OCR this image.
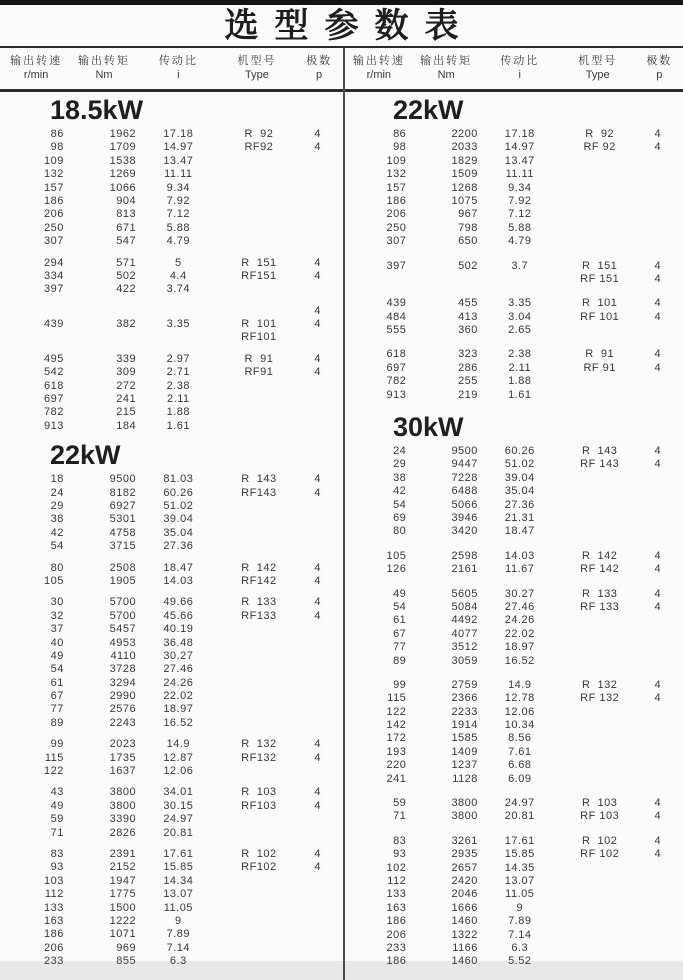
选型参数表
输出转速
r/min
输出转矩
Nm
传动比
i
机型号
Type
极数
p
输出转速
r/min
输出转矩
Nm
传动比
i
机型号
Type
极数
p
18.5kW
86	1962	17.18	R  92	4
98	1709	14.97	RF92	4
109	1538	13.47
132	1269	11.11
157	1066	9.34
186	904	7.92
206	813	7.12
250	671	5.88
307	547	4.79
294	571	5	R  151	4
334	502	4.4	RF151	4
397	422	3.74
4
439	382	3.35	R  101	4
RF101
495	339	2.97	R  91	4
542	309	2.71	RF91	4
618	272	2.38
697	241	2.11
782	215	1.88
913	184	1.61
22kW
18	9500	81.03	R  143	4
24	8182	60.26	RF143	4
29	6927	51.02
38	5301	39.04
42	4758	35.04
54	3715	27.36
80	2508	18.47	R  142	4
105	1905	14.03	RF142	4
30	5700	49.66	R  133	4
32	5700	45.66	RF133	4
37	5457	40.19
40	4953	36.48
49	4110	30.27
54	3728	27.46
61	3294	24.26
67	2990	22.02
77	2576	18.97
89	2243	16.52
99	2023	14.9	R  132	4
115	1735	12.87	RF132	4
122	1637	12.06
43	3800	34.01	R  103	4
49	3800	30.15	RF103	4
59	3390	24.97
71	2826	20.81
83	2391	17.61	R  102	4
93	2152	15.85	RF102	4
103	1947	14.34
112	1775	13.07
133	1500	11.05
163	1222	9
186	1071	7.89
206	969	7.14
233	855	6.3
22kW
86	2200	17.18	R  92	4
98	2033	14.97	RF 92	4
109	1829	13.47
132	1509	11.11
157	1268	9.34
186	1075	7.92
206	967	7.12
250	798	5.88
307	650	4.79
397	502	3.7	R  151	4
RF 151	4
439	455	3.35	R  101	4
484	413	3.04	RF 101	4
555	360	2.65
618	323	2.38	R  91	4
697	286	2.11	RF 91	4
782	255	1.88
913	219	1.61
30kW
24	9500	60.26	R  143	4
29	9447	51.02	RF 143	4
38	7228	39.04
42	6488	35.04
54	5066	27.36
69	3946	21.31
80	3420	18.47
105	2598	14.03	R  142	4
126	2161	11.67	RF 142	4
49	5605	30.27	R  133	4
54	5084	27.46	RF 133	4
61	4492	24.26
67	4077	22.02
77	3512	18.97
89	3059	16.52
99	2759	14.9	R  132	4
115	2366	12.78	RF 132	4
122	2233	12.06
142	1914	10.34
172	1585	8.56
193	1409	7.61
220	1237	6.68
241	1128	6.09
59	3800	24.97	R  103	4
71	3800	20.81	RF 103	4
83	3261	17.61	R  102	4
93	2935	15.85	RF 102	4
102	2657	14.35
112	2420	13.07
133	2046	11.05
163	1666	9
186	1460	7.89
206	1322	7.14
233	1166	6.3
186	1460	5.52
